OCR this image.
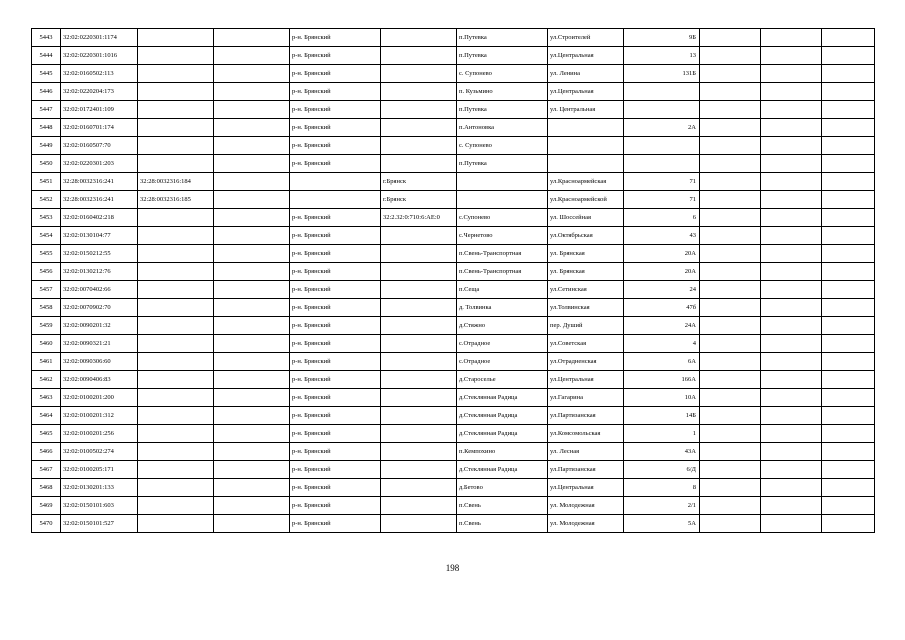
5443	32:02:0220301:1174			р-н. Брянский		п.Путевка	ул.Строителей	9Б			
5444	32:02:0220301:1016			р-н. Брянский		п.Путевка	ул.Центральная	13			
5445	32:02:0160502:113			р-н. Брянский		с. Супонево	ул. Ленина	131Б			
5446	32:02:0220204:173			р-н. Брянский		п. Кузьмино	ул.Центральная				
5447	32:02:0172401:109			р-н. Брянский		п.Путевка	ул. Центральная				
5448	32:02:0160701:174			р-н. Брянский		п.Антоновка		2А			
5449	32:02:0160507:70			р-н. Брянский		с. Супонево					
5450	32:02:0220301:203			р-н. Брянский		п.Путевка					
5451	32:28:0032316:241	32:28:0032316:184			г.Брянск		ул.Красноармейская	71			
5452	32:28:0032316:241	32:28:0032316:185			г.Брянск		ул.Красноармейской	71			
5453	32:02:0160402:218			р-н. Брянский	32:2.32:0:710:6:АЕ:0	с.Супонево	ул. Шоссейная	6			
5454	32:02:0130104:77			р-н. Брянский		с.Чернетово	ул.Октябрьская	43			
5455	32:02:0150212:55			р-н. Брянский		п.Свень-Транспортная	ул. Брянская	20А			
5456	32:02:0130212:76			р-н. Брянский		п.Свень-Транспортная	ул. Брянская	20А			
5457	32:02:0070402:66			р-н. Брянский		п.Сеща	ул.Сетинская	24			
5458	32:02:0070902:70			р-н. Брянский		д. Толвинка	ул.Толвинская	47б			
5459	32:02:0090201:32			р-н. Брянский		д.Стяжно	пер. Душий	24А			
5460	32:02:0090321:21			р-н. Брянский		с.Отрадное	ул.Советская	4			
5461	32:02:0090306:60			р-н. Брянский		с.Отрадное	ул.Отрадненская	6А			
5462	32:02:0090406:83			р-н. Брянский		д.Староселье	ул.Центральная	166А			
5463	32:02:0100201:200			р-н. Брянский		д.Стеклянная Радица	ул.Гагарина	10А			
5464	32:02:0100201:312			р-н. Брянский		д.Стеклянная Радица	ул.Партизанская	14Б			
5465	32:02:0100201:256			р-н. Брянский		д.Стеклянная Радица	ул.Комсомольская	1			
5466	32:02:0100502:274			р-н. Брянский		п.Кемпохино	ул. Лесная	43А			
5467	32:02:0100205:171			р-н. Брянский		д.Стеклянная Радица	ул.Партизанская	6/Д			
5468	32:02:0130201:133			р-н. Брянский		д.Бетово	ул.Центральная	8			
5469	32:02:0150101:603			р-н. Брянский		п.Свень	ул. Молодежная	2/1			
5470	32:02:0150101:527			р-н. Брянский		п.Свень	ул. Молодежная	5А			
198
